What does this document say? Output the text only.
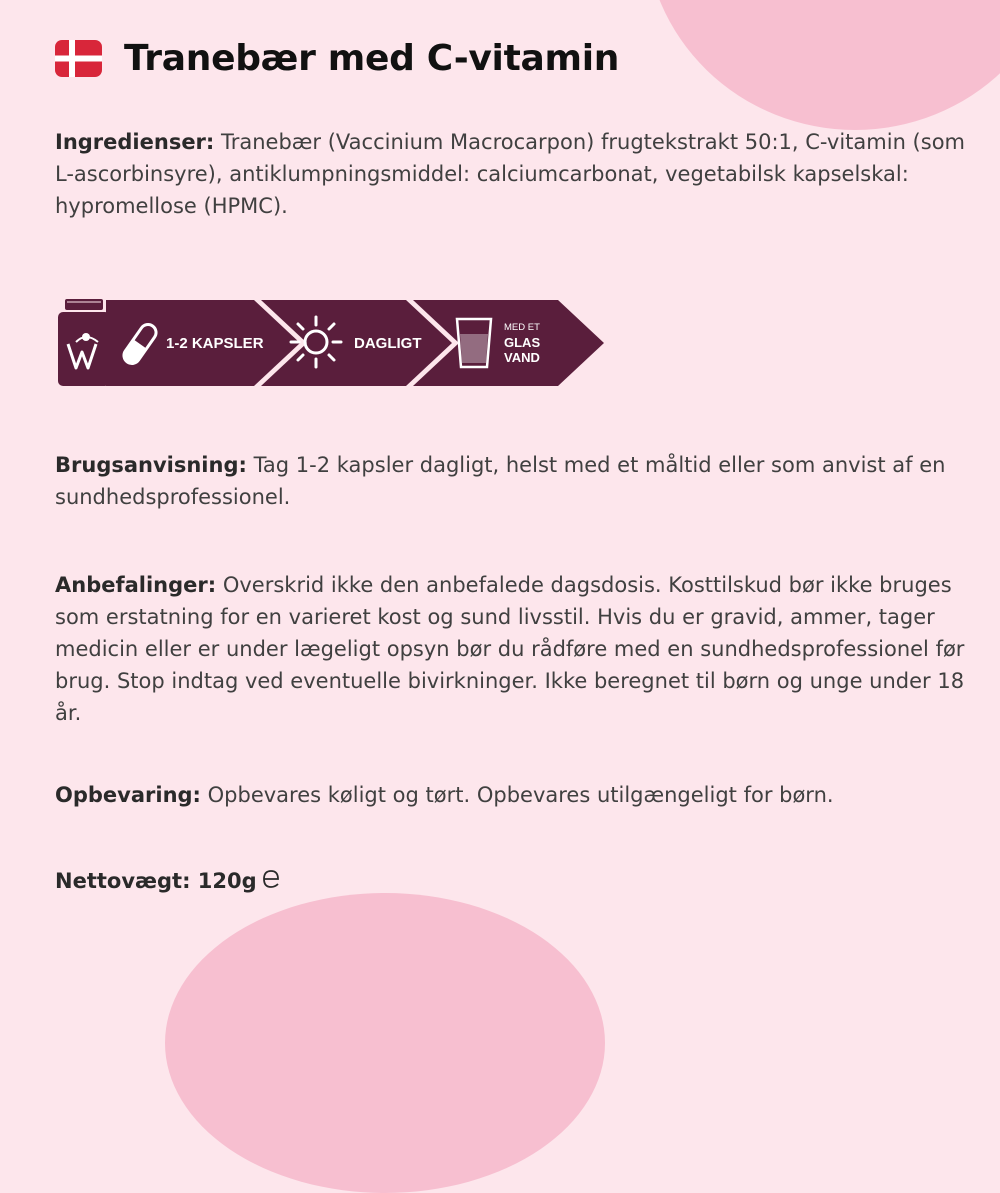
Tranebær med C-vitamin

Ingredienser: Tranebær (Vaccinium Macrocarpon) frugtekstrakt 50:1, C-vitamin (som L-ascorbinsyre), antiklumpningsmiddel: calciumcarbonat, vegetabilsk kapselskal: hypromellose (HPMC).

1-2 KAPSLER	DAGLIGT
MED ET
GLAS
VAND

Brugsanvisning: Tag 1-2 kapsler dagligt, helst med et måltid eller som anvist af en sundhedsprofessionel.

Anbefalinger: Overskrid ikke den anbefalede dagsdosis. Kosttilskud bør ikke bruges som erstatning for en varieret kost og sund livsstil. Hvis du er gravid, ammer, tager medicin eller er under lægeligt opsyn bør du rådføre med en sundhedsprofessionel før brug. Stop indtag ved eventuelle bivirkninger. Ikke beregnet til børn og unge under 18 år.

Opbevaring: Opbevares køligt og tørt. Opbevares utilgængeligt for børn.

Nettovægt: 120g
